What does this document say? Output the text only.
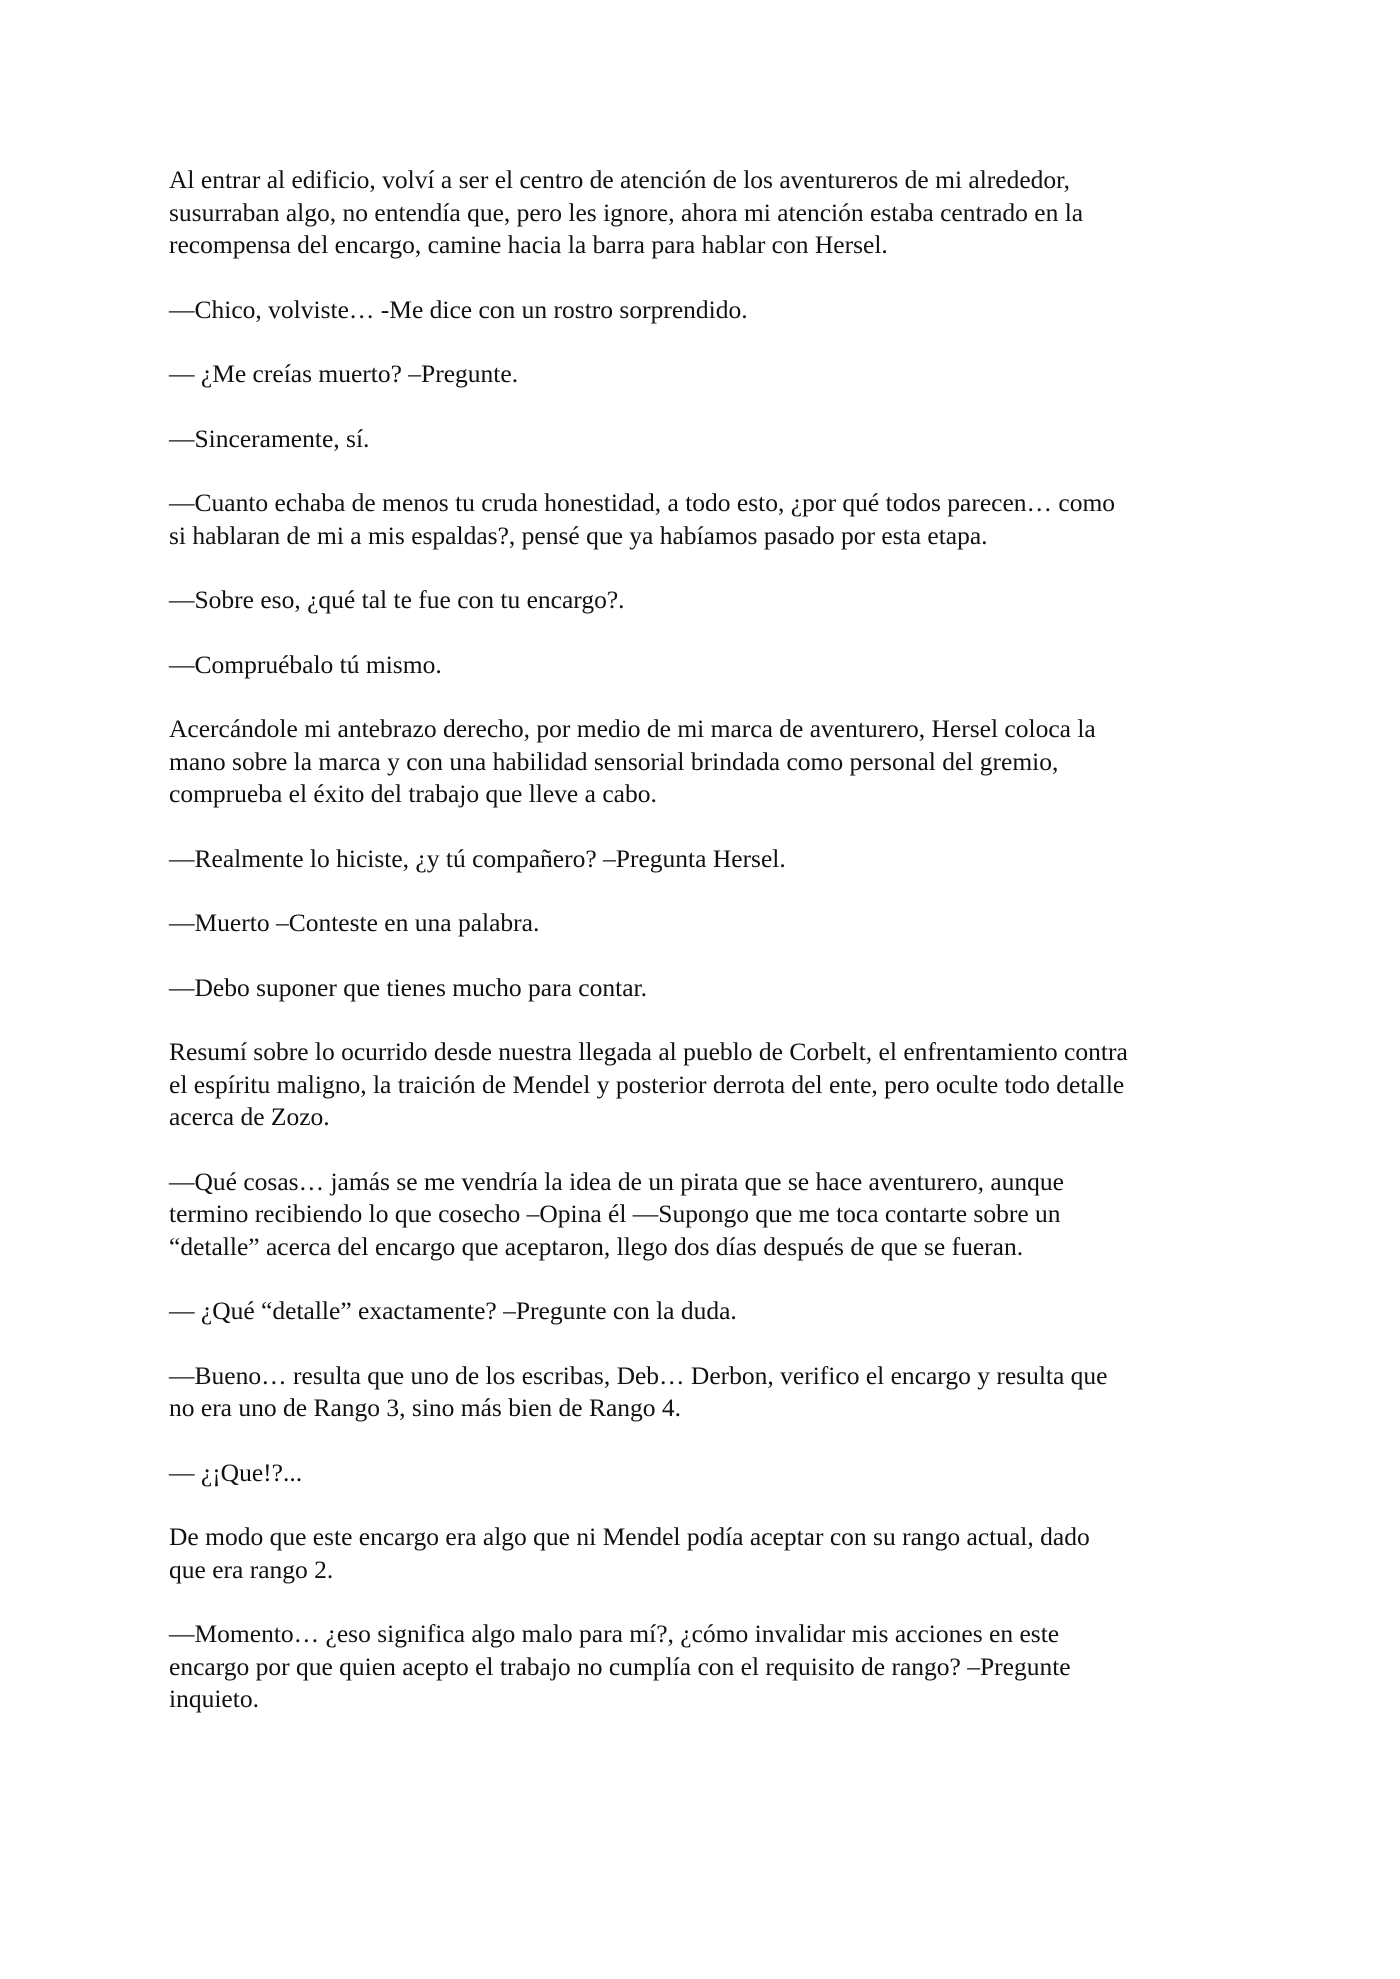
Al entrar al edificio, volví a ser el centro de atención de los aventureros de mi alrededor,
susurraban algo, no entendía que, pero les ignore, ahora mi atención estaba centrado en la
recompensa del encargo, camine hacia la barra para hablar con Hersel.

—Chico, volviste… -Me dice con un rostro sorprendido.

— ¿Me creías muerto? –Pregunte.

—Sinceramente, sí.

—Cuanto echaba de menos tu cruda honestidad, a todo esto, ¿por qué todos parecen… como
si hablaran de mi a mis espaldas?, pensé que ya habíamos pasado por esta etapa.

—Sobre eso, ¿qué tal te fue con tu encargo?.

—Compruébalo tú mismo.

Acercándole mi antebrazo derecho, por medio de mi marca de aventurero, Hersel coloca la
mano sobre la marca y con una habilidad sensorial brindada como personal del gremio,
comprueba el éxito del trabajo que lleve a cabo.

—Realmente lo hiciste, ¿y tú compañero? –Pregunta Hersel.

—Muerto –Conteste en una palabra.

—Debo suponer que tienes mucho para contar.

Resumí sobre lo ocurrido desde nuestra llegada al pueblo de Corbelt, el enfrentamiento contra
el espíritu maligno, la traición de Mendel y posterior derrota del ente, pero oculte todo detalle
acerca de Zozo.

—Qué cosas… jamás se me vendría la idea de un pirata que se hace aventurero, aunque
termino recibiendo lo que cosecho –Opina él —Supongo que me toca contarte sobre un
“detalle” acerca del encargo que aceptaron, llego dos días después de que se fueran.

— ¿Qué “detalle” exactamente? –Pregunte con la duda.

—Bueno… resulta que uno de los escribas, Deb… Derbon, verifico el encargo y resulta que
no era uno de Rango 3, sino más bien de Rango 4.

— ¿¡Que!?...

De modo que este encargo era algo que ni Mendel podía aceptar con su rango actual, dado
que era rango 2.

—Momento… ¿eso significa algo malo para mí?, ¿cómo invalidar mis acciones en este
encargo por que quien acepto el trabajo no cumplía con el requisito de rango? –Pregunte
inquieto.
